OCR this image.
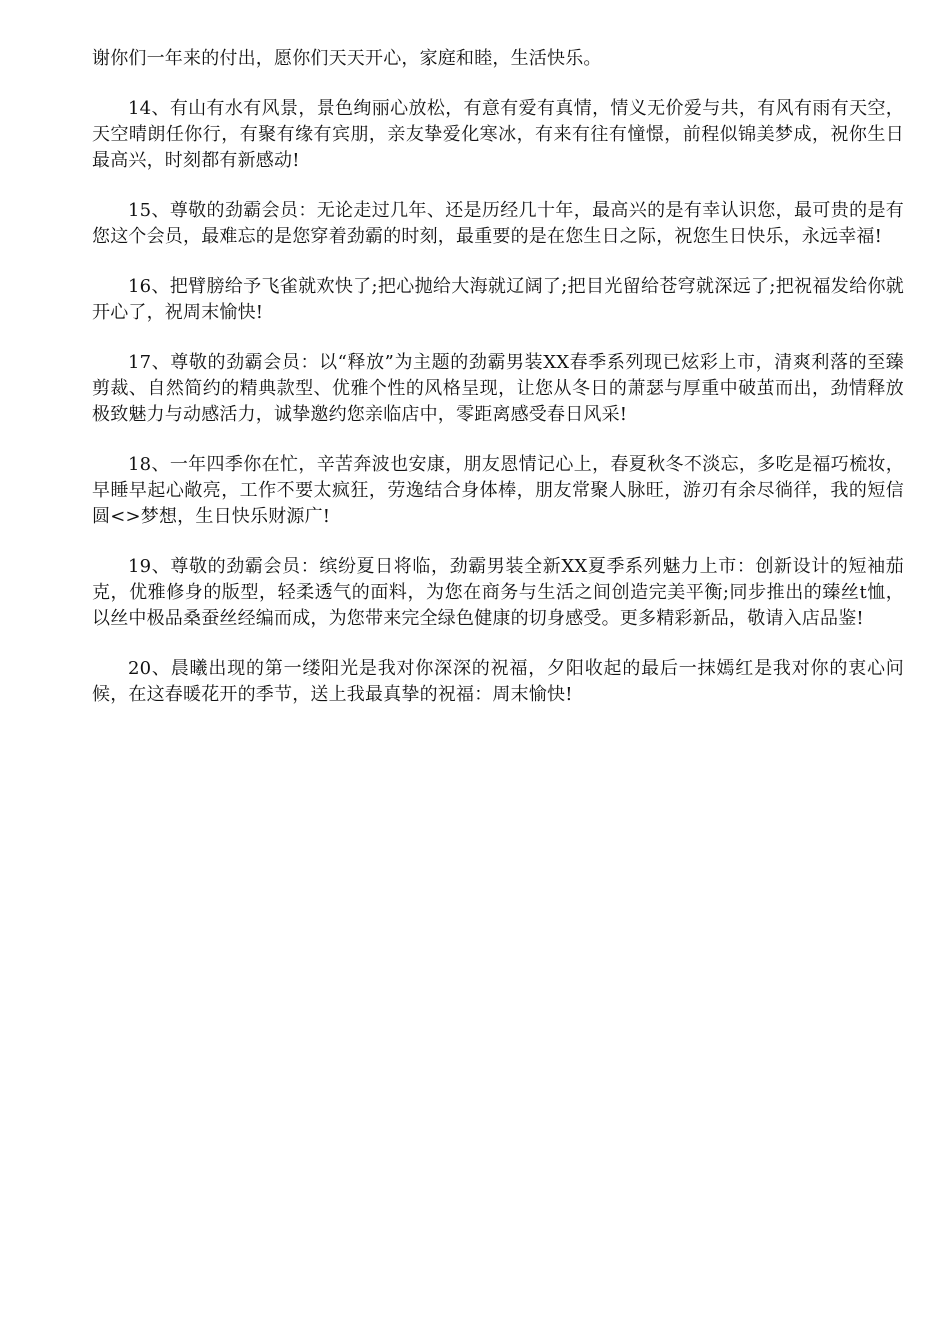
谢你们一年来的付出，愿你们天天开心，家庭和睦，生活快乐。

14、有山有水有风景，景色绚丽心放松，有意有爱有真情，情义无价爱与共，有风有雨有天空，天空晴朗任你行，有聚有缘有宾朋，亲友挚爱化寒冰，有来有往有憧憬，前程似锦美梦成，祝你生日最高兴，时刻都有新感动!

15、尊敬的劲霸会员：无论走过几年、还是历经几十年，最高兴的是有幸认识您，最可贵的是有您这个会员，最难忘的是您穿着劲霸的时刻，最重要的是在您生日之际，祝您生日快乐，永远幸福!

16、把臂膀给予飞雀就欢快了;把心抛给大海就辽阔了;把目光留给苍穹就深远了;把祝福发给你就开心了，祝周末愉快!

17、尊敬的劲霸会员：以“释放”为主题的劲霸男装XX春季系列现已炫彩上市，清爽利落的至臻剪裁、自然简约的精典款型、优雅个性的风格呈现，让您从冬日的萧瑟与厚重中破茧而出，劲情释放极致魅力与动感活力，诚挚邀约您亲临店中，零距离感受春日风采!

18、一年四季你在忙，辛苦奔波也安康，朋友恩情记心上，春夏秋冬不淡忘，多吃是福巧梳妆，早睡早起心敞亮，工作不要太疯狂，劳逸结合身体棒，朋友常聚人脉旺，游刃有余尽徜徉，我的短信圆<>梦想，生日快乐财源广!

19、尊敬的劲霸会员：缤纷夏日将临，劲霸男装全新XX夏季系列魅力上市：创新设计的短袖茄克，优雅修身的版型，轻柔透气的面料，为您在商务与生活之间创造完美平衡;同步推出的臻丝t恤，以丝中极品桑蚕丝经编而成，为您带来完全绿色健康的切身感受。更多精彩新品，敬请入店品鉴!

20、晨曦出现的第一缕阳光是我对你深深的祝福，夕阳收起的最后一抹嫣红是我对你的衷心问候，在这春暖花开的季节，送上我最真挚的祝福：周末愉快!
